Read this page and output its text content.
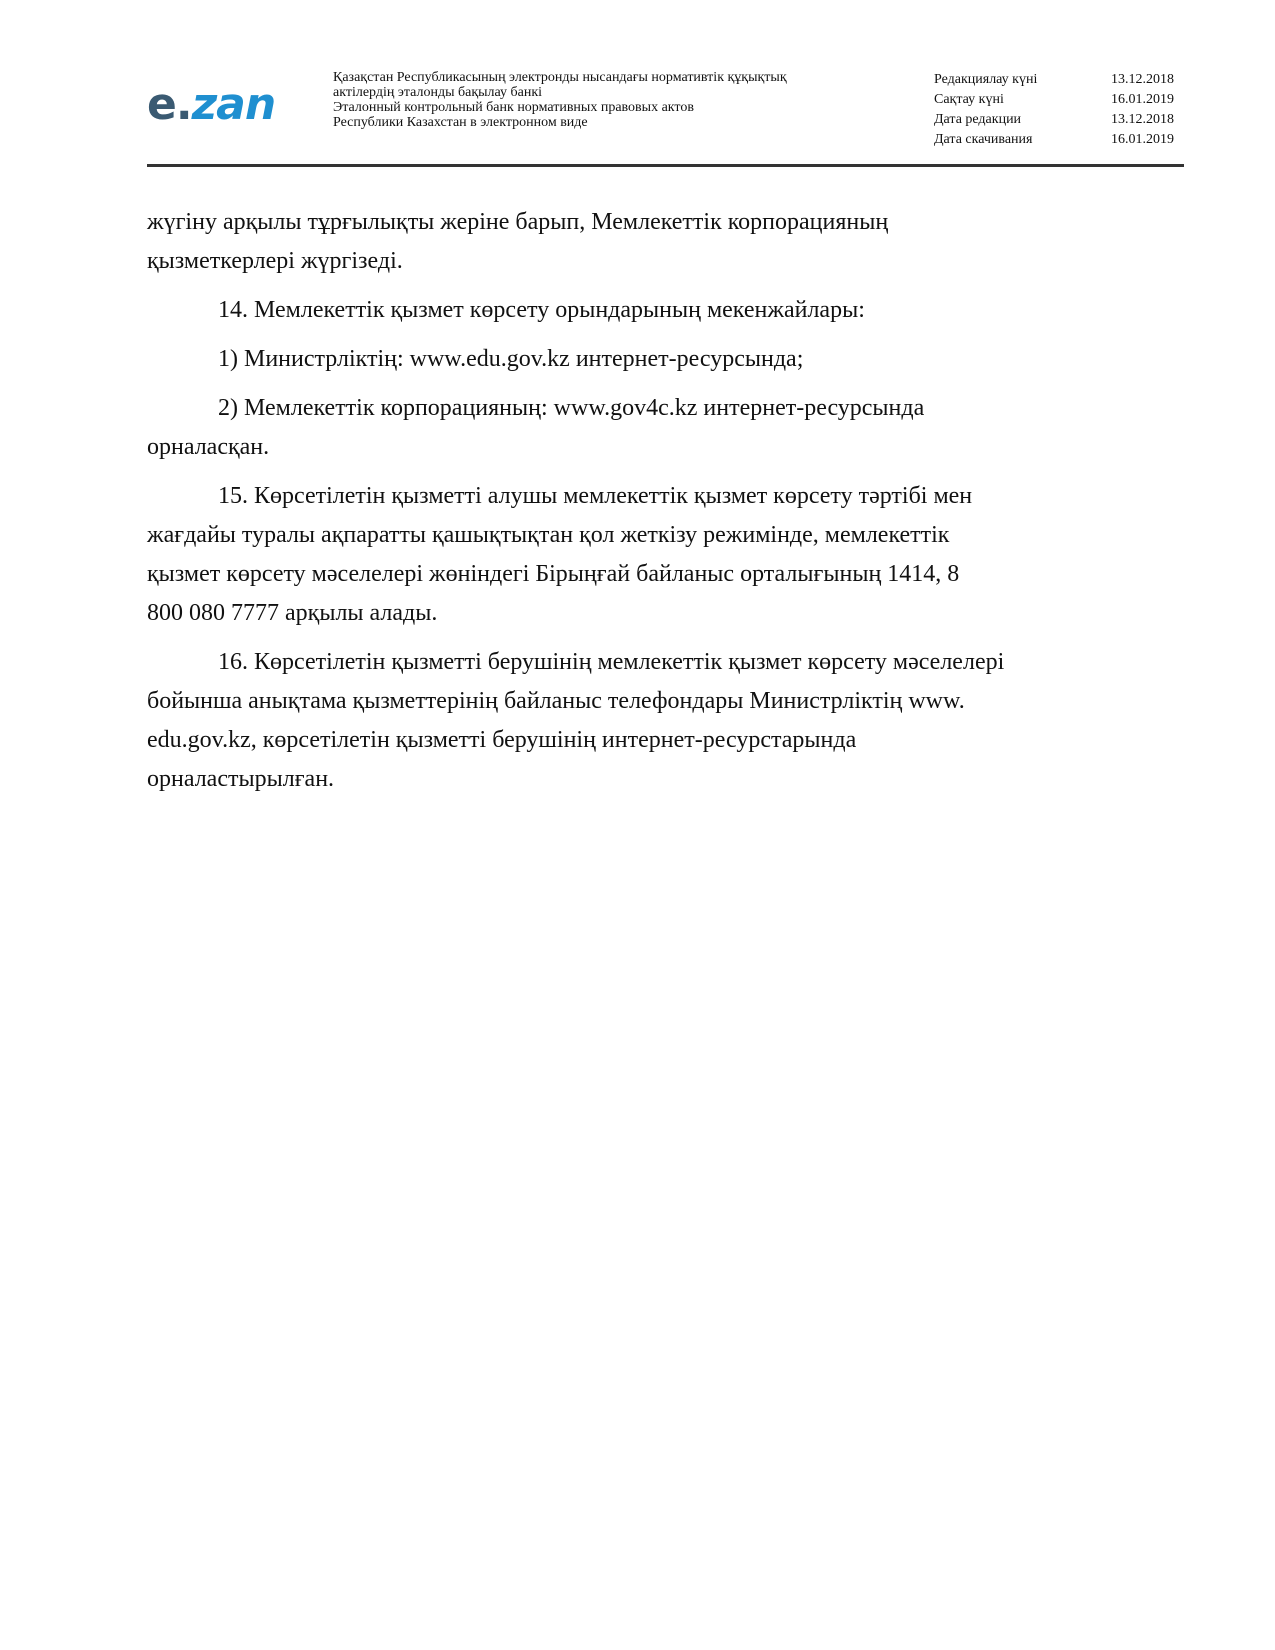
e.zan
Қазақстан Республикасының электронды нысандағы нормативтік құқықтық
актілердің эталонды бақылау банкі
Эталонный контрольный банк нормативных правовых актов
Республики Казахстан в электронном виде
Редакциялау күні	13.12.2018
Сақтау күні	16.01.2019
Дата редакции	13.12.2018
Дата скачивания	16.01.2019

жүгіну арқылы тұрғылықты жеріне барып, Мемлекеттік корпорацияның
қызметкерлері жүргізеді.

14. Мемлекеттік қызмет көрсету орындарының мекенжайлары:

1) Министрліктің: www.edu.gov.kz интернет-ресурсында;

2) Мемлекеттік корпорацияның: www.gov4c.kz интернет-ресурсында
орналасқан.

15. Көрсетілетін қызметті алушы мемлекеттік қызмет көрсету тәртібі мен
жағдайы туралы ақпаратты қашықтықтан қол жеткізу режимінде, мемлекеттік
қызмет көрсету мәселелері жөніндегі Бірыңғай байланыс орталығының 1414, 8
800 080 7777 арқылы алады.

16. Көрсетілетін қызметті берушінің мемлекеттік қызмет көрсету мәселелері
бойынша анықтама қызметтерінің байланыс телефондары Министрліктің www.
edu.gov.kz, көрсетілетін қызметті берушінің интернет-ресурстарында
орналастырылған.
